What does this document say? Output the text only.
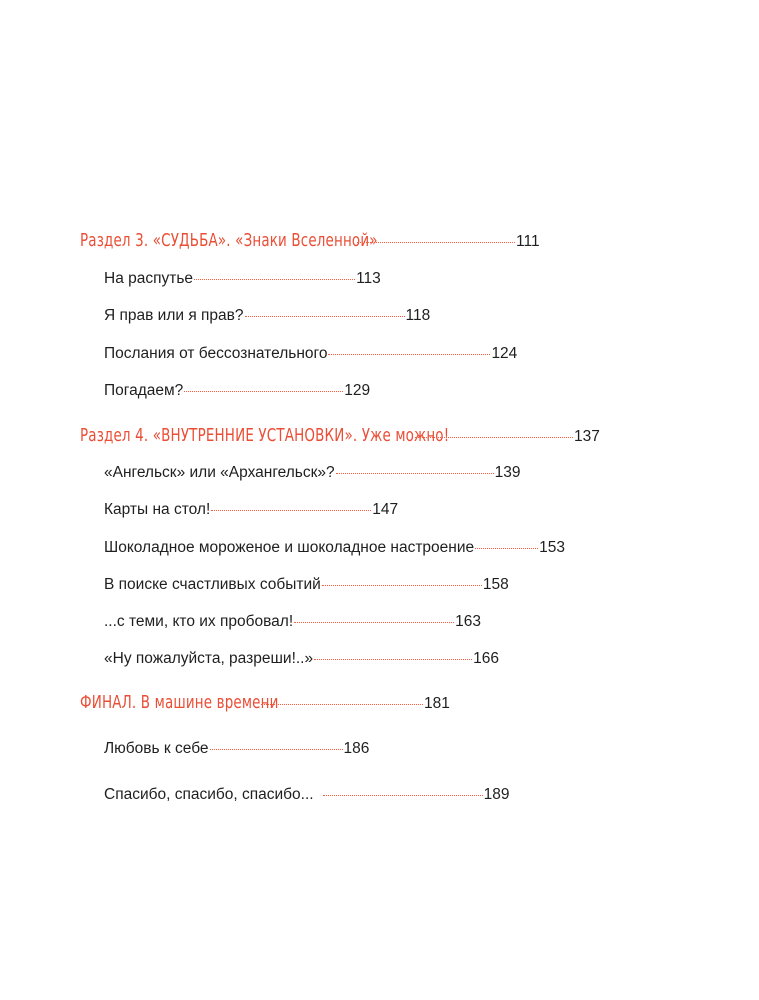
Раздел 3. «СУДЬБА». «Знаки Вселенной»	111
На распутье	113
Я прав или я прав?	118
Послания от бессознательного	124
Погадаем?	129
Раздел 4. «ВНУТРЕННИЕ УСТАНОВКИ». Уже можно!	137
«Ангельск» или «Архангельск»?	139
Карты на стол!	147
Шоколадное мороженое и шоколадное настроение	153
В поиске счастливых событий	158
...с теми, кто их пробовал!	163
«Ну пожалуйста, разреши!..»	166
ФИНАЛ. В машине времени	181
Любовь к себе	186
Спасибо, спасибо, спасибо...	189
